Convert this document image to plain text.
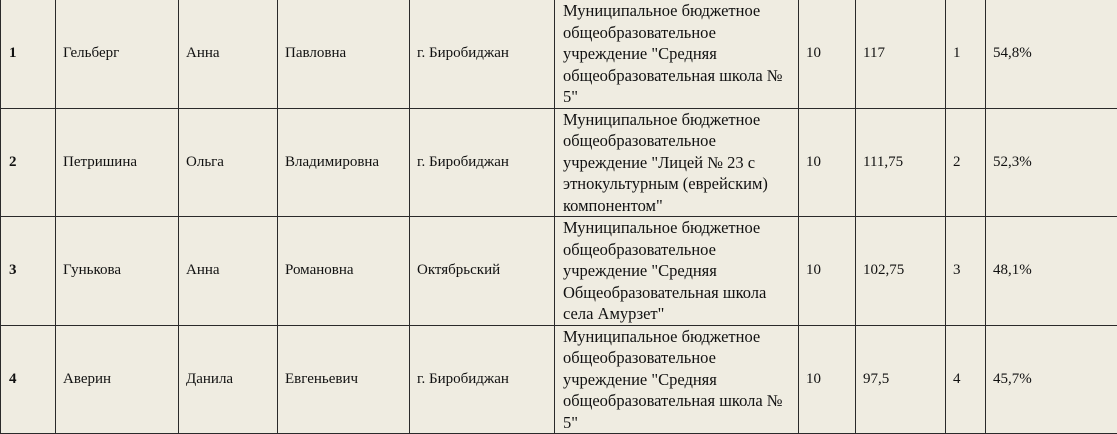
1	Гельберг	Анна	Павловна	г. Биробиджан	Муниципальное бюджетное общеобразовательное учреждение "Средняя общеобразовательная школа № 5"	10	117	1	54,8%
2	Петришина	Ольга	Владимировна	г. Биробиджан	Муниципальное бюджетное общеобразовательное учреждение "Лицей № 23 с этнокультурным (еврейским) компонентом"	10	111,75	2	52,3%
3	Гунькова	Анна	Романовна	Октябрьский	Муниципальное бюджетное общеобразовательное учреждение "Средняя Общеобразовательная школа села Амурзет"	10	102,75	3	48,1%
4	Аверин	Данила	Евгеньевич	г. Биробиджан	Муниципальное бюджетное общеобразовательное учреждение "Средняя общеобразовательная школа № 5"	10	97,5	4	45,7%
